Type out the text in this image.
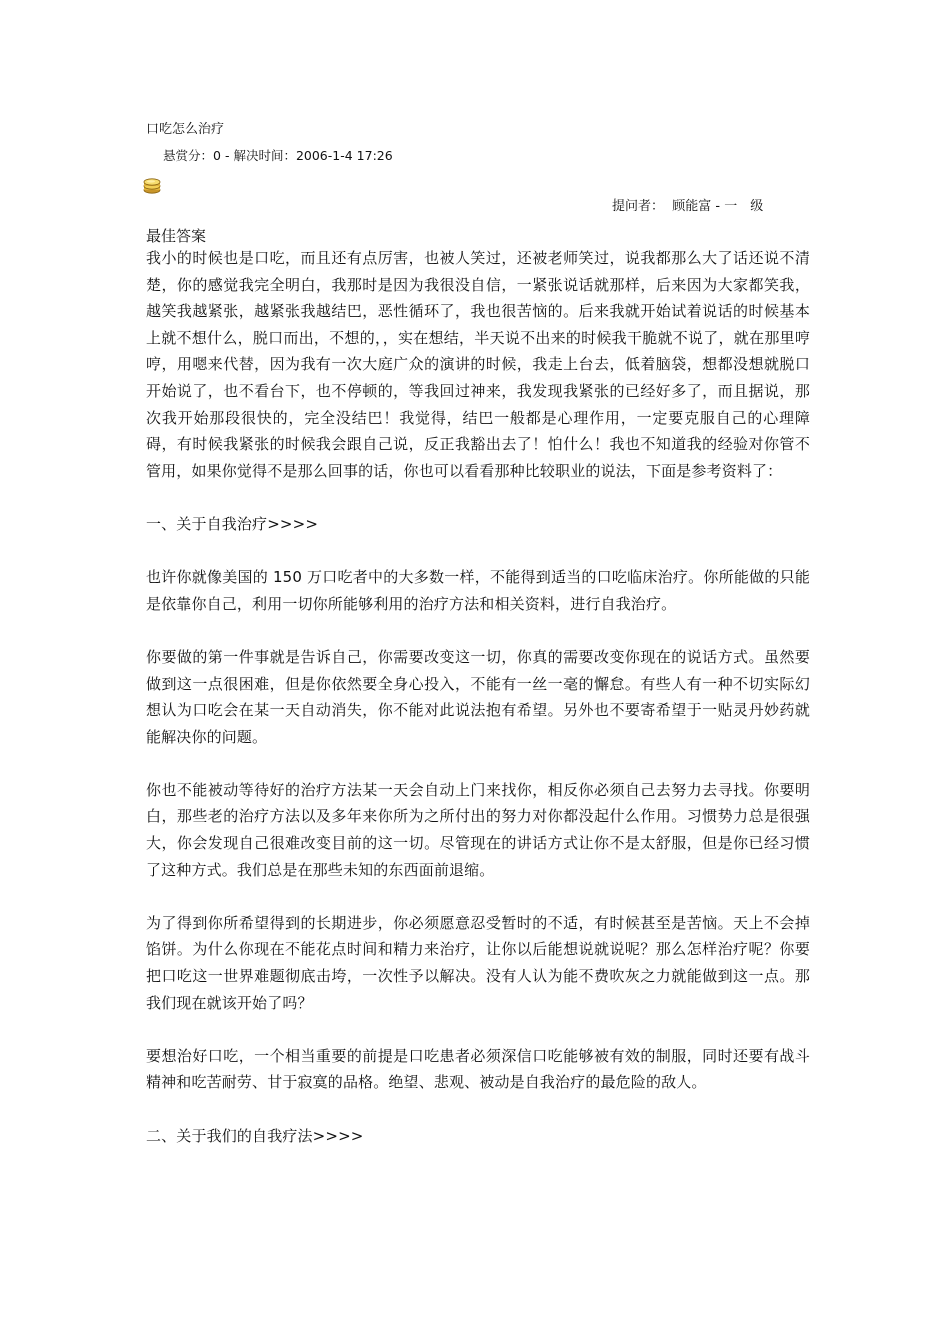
口吃怎么治疗

悬赏分： 0 - 解决时间： 2006-1-4 17:26
提问者： 顾能富 - 一　级
最佳答案

我小的时候也是口吃，而且还有点厉害，也被人笑过，还被老师笑过，说我都那么大了话还说不清楚，你的感觉我完全明白，我那时是因为我很没自信，一紧张说话就那样，后来因为大家都笑我，越笑我越紧张，越紧张我越结巴，恶性循环了，我也很苦恼的。后来我就开始试着说话的时候基本上就不想什么，脱口而出，不想的，，实在想结，半天说不出来的时候我干脆就不说了，就在那里哼哼，用嗯来代替，因为我有一次大庭广众的演讲的时候，我走上台去，低着脑袋，想都没想就脱口开始说了，也不看台下，也不停顿的，等我回过神来，我发现我紧张的已经好多了，而且据说，那次我开始那段很快的，完全没结巴！我觉得，结巴一般都是心理作用，一定要克服自己的心理障碍，有时候我紧张的时候我会跟自己说，反正我豁出去了！怕什么！我也不知道我的经验对你管不管用，如果你觉得不是那么回事的话，你也可以看看那种比较职业的说法，下面是参考资料了：

一、关于自我治疗>>>>

也许你就像美国的 150 万口吃者中的大多数一样，不能得到适当的口吃临床治疗。你所能做的只能是依靠你自己，利用一切你所能够利用的治疗方法和相关资料，进行自我治疗。

你要做的第一件事就是告诉自己，你需要改变这一切，你真的需要改变你现在的说话方式。虽然要做到这一点很困难，但是你依然要全身心投入，不能有一丝一毫的懈怠。有些人有一种不切实际幻想认为口吃会在某一天自动消失，你不能对此说法抱有希望。另外也不要寄希望于一贴灵丹妙药就能解决你的问题。

你也不能被动等待好的治疗方法某一天会自动上门来找你，相反你必须自己去努力去寻找。你要明白，那些老的治疗方法以及多年来你所为之所付出的努力对你都没起什么作用。习惯势力总是很强大，你会发现自己很难改变目前的这一切。尽管现在的讲话方式让你不是太舒服，但是你已经习惯了这种方式。我们总是在那些未知的东西面前退缩。

为了得到你所希望得到的长期进步，你必须愿意忍受暂时的不适，有时候甚至是苦恼。天上不会掉馅饼。为什么你现在不能花点时间和精力来治疗，让你以后能想说就说呢？那么怎样治疗呢？你要把口吃这一世界难题彻底击垮，一次性予以解决。没有人认为能不费吹灰之力就能做到这一点。那我们现在就该开始了吗？

要想治好口吃，一个相当重要的前提是口吃患者必须深信口吃能够被有效的制服，同时还要有战斗精神和吃苦耐劳、甘于寂寞的品格。绝望、悲观、被动是自我治疗的最危险的敌人。

二、关于我们的自我疗法>>>>
